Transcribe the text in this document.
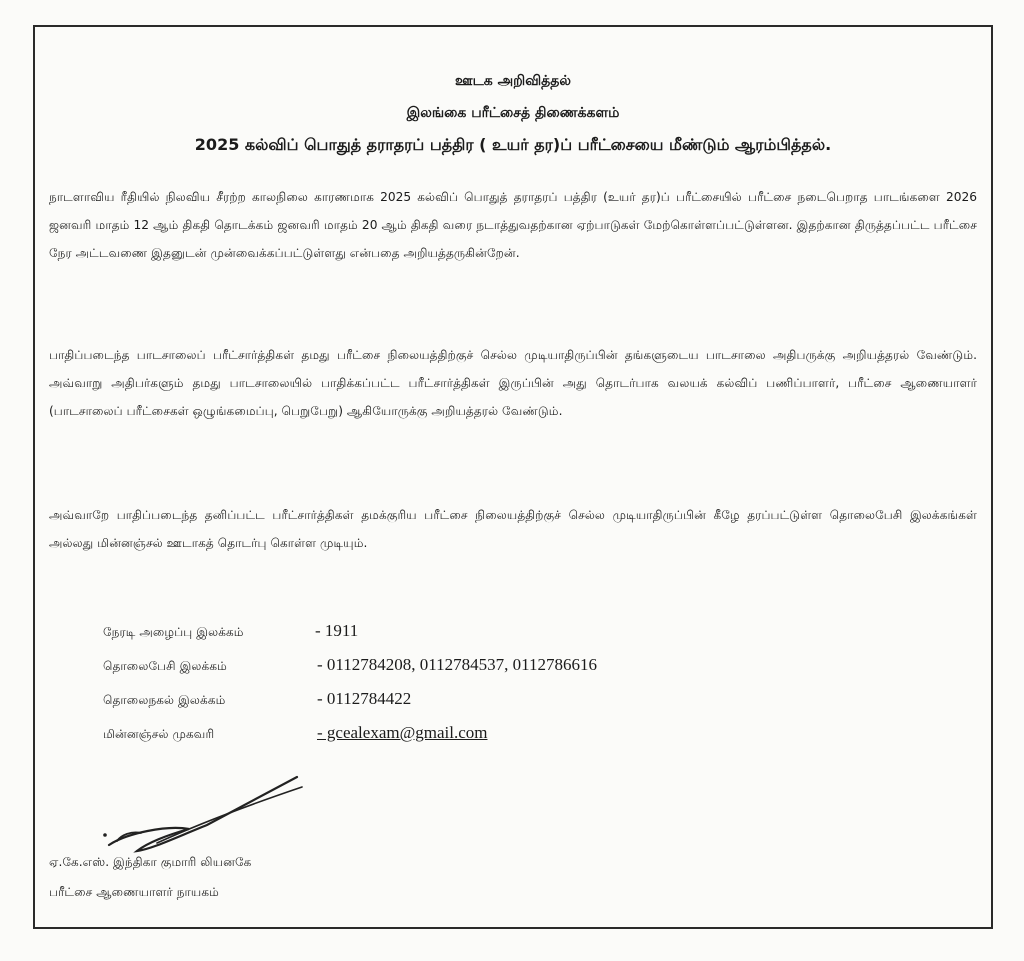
ஊடக அறிவித்தல்

இலங்கை பரீட்சைத் திணைக்களம்

2025 கல்விப் பொதுத் தராதரப் பத்திர ( உயர் தர)ப் பரீட்சையை மீண்டும் ஆரம்பித்தல்.

நாடளாவிய ரீதியில் நிலவிய சீரற்ற காலநிலை காரணமாக 2025 கல்விப் பொதுத் தராதரப் பத்திர (உயர் தர)ப் பரீட்சையில் பரீட்சை நடைபெறாத பாடங்களை 2026 ஜனவரி மாதம் 12 ஆம் திகதி தொடக்கம் ஜனவரி மாதம் 20 ஆம் திகதி வரை நடாத்துவதற்கான ஏற்பாடுகள் மேற்கொள்ளப்பட்டுள்ளன. இதற்கான திருத்தப்பட்ட பரீட்சை நேர அட்டவணை இதனுடன் முன்வைக்கப்பட்டுள்ளது என்பதை அறியத்தருகின்றேன்.

பாதிப்படைந்த பாடசாலைப் பரீட்சார்த்திகள் தமது பரீட்சை நிலையத்திற்குச் செல்ல முடியாதிருப்பின் தங்களுடைய பாடசாலை அதிபருக்கு அறியத்தரல் வேண்டும். அவ்வாறு அதிபர்களும் தமது பாடசாலையில் பாதிக்கப்பட்ட பரீட்சார்த்திகள் இருப்பின் அது தொடர்பாக வலயக் கல்விப் பணிப்பாளர், பரீட்சை ஆணையாளர் (பாடசாலைப் பரீட்சைகள் ஒழுங்கமைப்பு, பெறுபேறு) ஆகியோருக்கு அறியத்தரல் வேண்டும்.

அவ்வாறே பாதிப்படைந்த தனிப்பட்ட பரீட்சார்த்திகள் தமக்குரிய பரீட்சை நிலையத்திற்குச் செல்ல முடியாதிருப்பின் கீழே தரப்பட்டுள்ள தொலைபேசி இலக்கங்கள் அல்லது மின்னஞ்சல் ஊடாகத் தொடர்பு கொள்ள முடியும்.

நேரடி அழைப்பு இலக்கம்	- 1911
தொலைபேசி இலக்கம்	- 0112784208, 0112784537, 0112786616
தொலைநகல் இலக்கம்	- 0112784422
மின்னஞ்சல் முகவரி	- gcealexam@gmail.com
ஏ.கே.எஸ். இந்திகா குமாரி லியனகே
பரீட்சை ஆணையாளர் நாயகம்
